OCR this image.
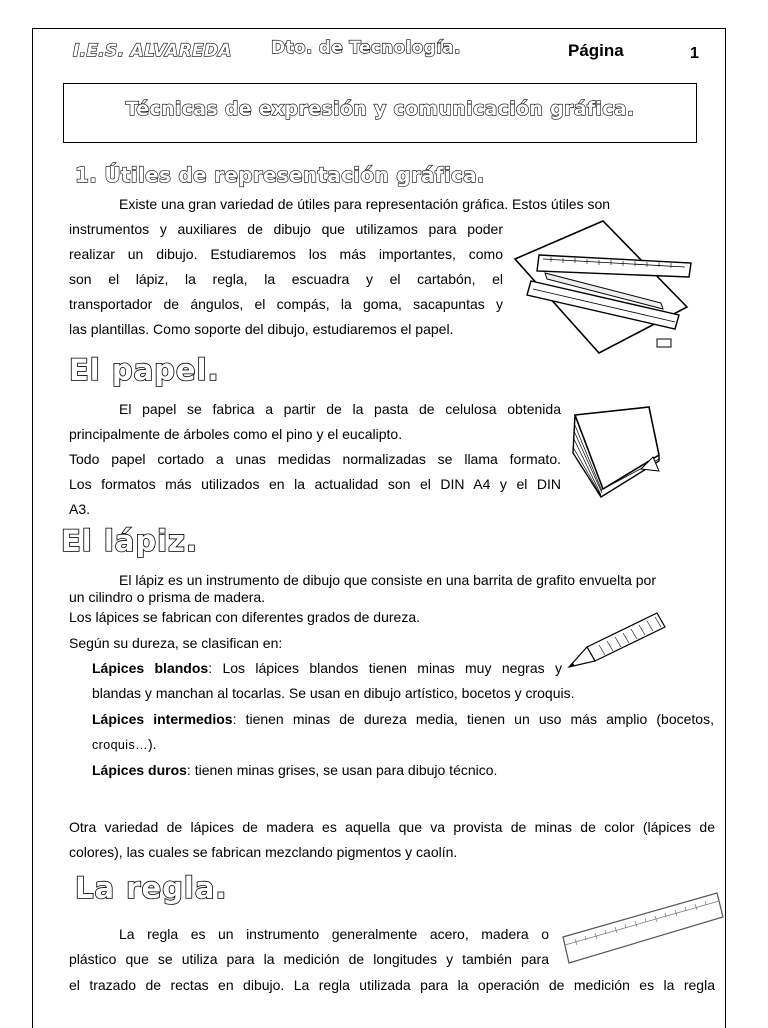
I.E.S. ALVAREDA Dto. de Tecnología.	Página	1
Técnicas de expresión y comunicación gráfica.
1. Útiles de representación gráfica.
Existe una gran variedad de útiles para representación gráfica. Estos útiles son
instrumentos y auxiliares de dibujo que utilizamos para poder
realizar un dibujo. Estudiaremos los más importantes, como
son el lápiz, la regla, la escuadra y el cartabón, el
transportador de ángulos, el compás, la goma, sacapuntas y
las plantillas. Como soporte del dibujo, estudiaremos el papel.
El papel.
El papel se fabrica a partir de la pasta de celulosa obtenida
principalmente de árboles como el pino y el eucalipto.
Todo papel cortado a unas medidas normalizadas se llama formato.
Los formatos más utilizados en la actualidad son el DIN A4 y el DIN
A3.
El lápiz.
El lápiz es un instrumento de dibujo que consiste en una barrita de grafito envuelta por
un cilindro o prisma de madera.
Los lápices se fabrican con diferentes grados de dureza.
Según su dureza, se clasifican en:
Lápices blandos: Los lápices blandos tienen minas muy negras y
blandas y manchan al tocarlas. Se usan en dibujo artístico, bocetos y croquis.
Lápices intermedios: tienen minas de dureza media, tienen un uso más amplio (bocetos,
croquis…).
Lápices duros: tienen minas grises, se usan para dibujo técnico.
Otra variedad de lápices de madera es aquella que va provista de minas de color (lápices de
colores), las cuales se fabrican mezclando pigmentos y caolín.
La regla.
La regla es un instrumento generalmente acero, madera o
plástico que se utiliza para la medición de longitudes y también para
el trazado de rectas en dibujo. La regla utilizada para la operación de medición es la regla
